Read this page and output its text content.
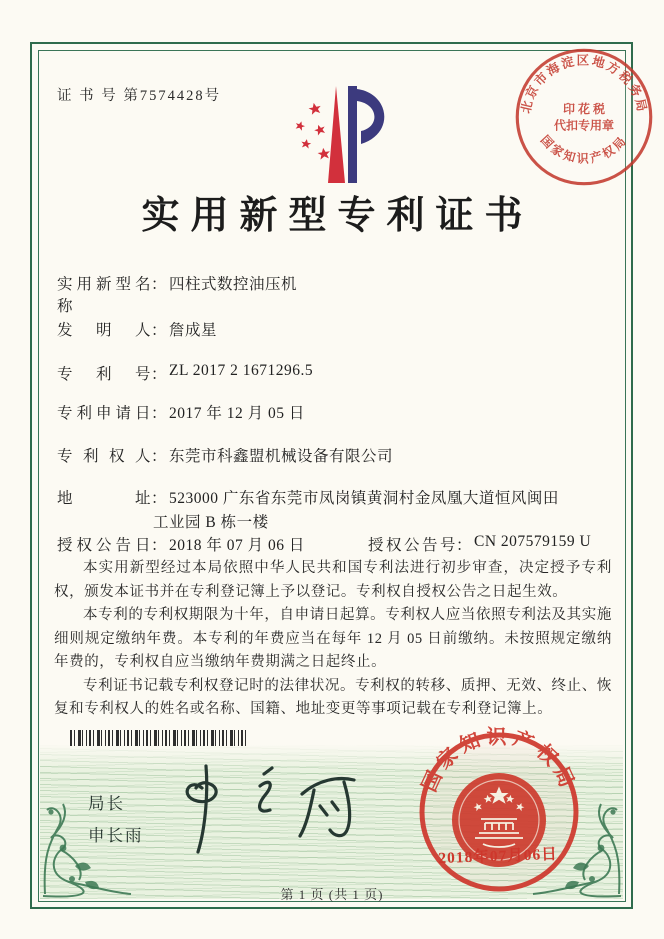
证 书 号 第7574428号
北京市海淀区地方税务局
国家知识产权局
印 花 税
代扣专用章
实用新型专利证书
实用新型名称
： 四柱式数控油压机
发明人 ： 詹成星
专利号 ： ZL 2017 2 1671296.5
专利申请日 ： 2017 年 12 月 05 日
专利权人 ： 东莞市科鑫盟机械设备有限公司
地址 ： 523000 广东省东莞市凤岗镇黄洞村金凤凰大道恒风闽田
工业园 B 栋一楼
授权公告日 ： 2018 年 07 月 06 日	授权公告号 ： CN 207579159 U

本实用新型经过本局依照中华人民共和国专利法进行初步审查，决定授予专利权，颁发本证书并在专利登记簿上予以登记。专利权自授权公告之日起生效。

本专利的专利权期限为十年，自申请日起算。专利权人应当依照专利法及其实施细则规定缴纳年费。本专利的年费应当在每年 12 月 05 日前缴纳。未按照规定缴纳年费的，专利权自应当缴纳年费期满之日起终止。

专利证书记载专利权登记时的法律状况。专利权的转移、质押、无效、终止、恢复和专利权人的姓名或名称、国籍、地址变更等事项记载在专利登记簿上。

局长
申长雨
国家知识产权局
2018年07月06日
第 1 页 (共 1 页)
